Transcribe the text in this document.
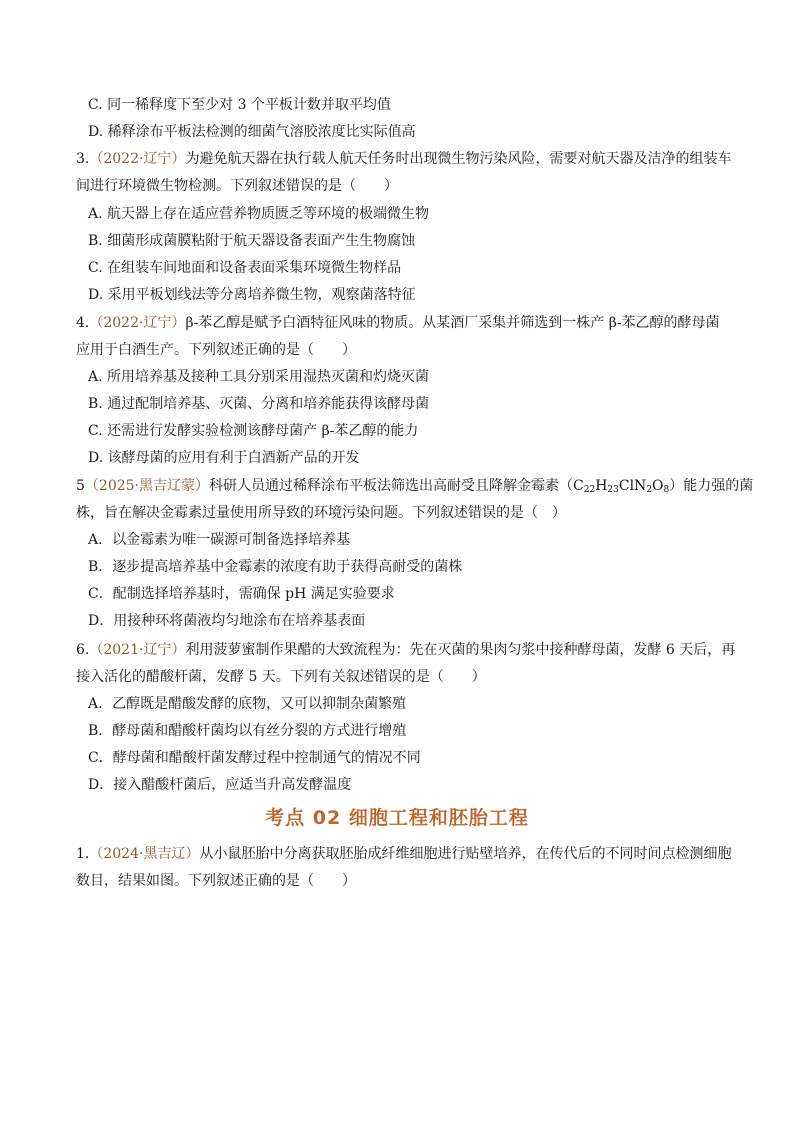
C. 同一稀释度下至少对 3 个平板计数并取平均值
D. 稀释涂布平板法检测的细菌气溶胶浓度比实际值高
3.（2022·辽宁）为避免航天器在执行载人航天任务时出现微生物污染风险，需要对航天器及洁净的组装车
间进行环境微生物检测。下列叙述错误的是（　　）
A. 航天器上存在适应营养物质匮乏等环境的极端微生物
B. 细菌形成菌膜粘附于航天器设备表面产生生物腐蚀
C. 在组装车间地面和设备表面采集环境微生物样品
D. 采用平板划线法等分离培养微生物，观察菌落特征
4.（2022·辽宁）β-苯乙醇是赋予白酒特征风味的物质。从某酒厂采集并筛选到一株产 β-苯乙醇的酵母菌
应用于白酒生产。下列叙述正确的是（　　）
A. 所用培养基及接种工具分别采用湿热灭菌和灼烧灭菌
B. 通过配制培养基、灭菌、分离和培养能获得该酵母菌
C. 还需进行发酵实验检测该酵母菌产 β-苯乙醇的能力
D. 该酵母菌的应用有利于白酒新产品的开发
5（2025·黑吉辽蒙）科研人员通过稀释涂布平板法筛选出高耐受且降解金霉素$(C_{22}H_{23}ClN_2O_8)$能力强的菌
株，旨在解决金霉素过量使用所导致的环境污染问题。下列叙述错误的是（　）
A．以金霉素为唯一碳源可制备选择培养基
B．逐步提高培养基中金霉素的浓度有助于获得高耐受的菌株
C．配制选择培养基时，需确保 pH 满足实验要求
D．用接种环将菌液均匀地涂布在培养基表面
6.（2021·辽宁）利用菠萝蜜制作果醋的大致流程为：先在灭菌的果肉匀浆中接种酵母菌，发酵 6 天后，再
接入活化的醋酸杆菌，发酵 5 天。下列有关叙述错误的是（　　）
A．乙醇既是醋酸发酵的底物，又可以抑制杂菌繁殖
B．酵母菌和醋酸杆菌均以有丝分裂的方式进行增殖
C．酵母菌和醋酸杆菌发酵过程中控制通气的情况不同
D．接入醋酸杆菌后，应适当升高发酵温度
考点 02 细胞工程和胚胎工程
1.（2024·黑吉辽）从小鼠胚胎中分离获取胚胎成纤维细胞进行贴壁培养，在传代后的不同时间点检测细胞
数目，结果如图。下列叙述正确的是（　　）
